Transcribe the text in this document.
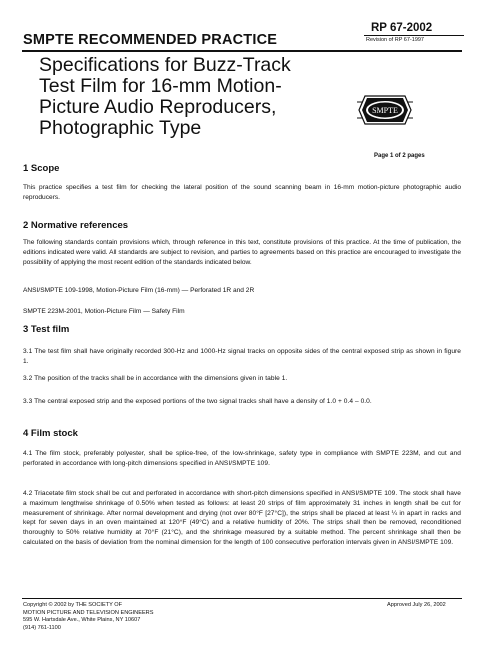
RP 67-2002
Revision of RP 67-1997
SMPTE RECOMMENDED PRACTICE
Specifications for Buzz-Track
Test Film for 16-mm Motion-
Picture Audio Reproducers,
Photographic Type
SMPTE
Page 1 of 2 pages
1 Scope
This practice specifies a test film for checking the lateral position of the sound scanning beam in 16-mm motion-picture photographic audio reproducers.
2 Normative references
The following standards contain provisions which, through reference in this text, constitute provisions of this practice. At the time of publication, the editions indicated were valid. All standards are subject to revision, and parties to agreements based on this practice are encouraged to investigate the possibility of applying the most recent edition of the standards indicated below.
ANSI/SMPTE 109-1998, Motion-Picture Film (16-mm) — Perforated 1R and 2R
SMPTE 223M-2001, Motion-Picture Film — Safety Film
3 Test film
3.1 The test film shall have originally recorded 300-Hz and 1000-Hz signal tracks on opposite sides of the central exposed strip as shown in figure 1.
3.2 The position of the tracks shall be in accordance with the dimensions given in table 1.
3.3 The central exposed strip and the exposed portions of the two signal tracks shall have a density of 1.0 + 0.4 – 0.0.
4 Film stock
4.1 The film stock, preferably polyester, shall be splice-free, of the low-shrinkage, safety type in compliance with SMPTE 223M, and cut and perforated in accordance with long-pitch dimensions specified in ANSI/SMPTE 109.
4.2 Triacetate film stock shall be cut and perforated in accordance with short-pitch dimensions specified in ANSI/SMPTE 109. The stock shall have a maximum lengthwise shrinkage of 0.50% when tested as follows: at least 20 strips of film approximately 31 inches in length shall be cut for measurement of shrinkage. After normal development and drying (not over 80°F [27°C]), the strips shall be placed at least ¼ in apart in racks and kept for seven days in an oven maintained at 120°F (49°C) and a relative humidity of 20%. The strips shall then be removed, reconditioned thoroughly to 50% relative humidity at 70°F (21°C), and the shrinkage measured by a suitable method. The percent shrinkage shall then be calculated on the basis of deviation from the nominal dimension for the length of 100 consecutive perforation intervals given in ANSI/SMPTE 109.
Copyright © 2002 by THE SOCIETY OF
MOTION PICTURE AND TELEVISION ENGINEERS
595 W. Hartsdale Ave., White Plains, NY 10607
(914) 761-1100
Approved July 26, 2002
